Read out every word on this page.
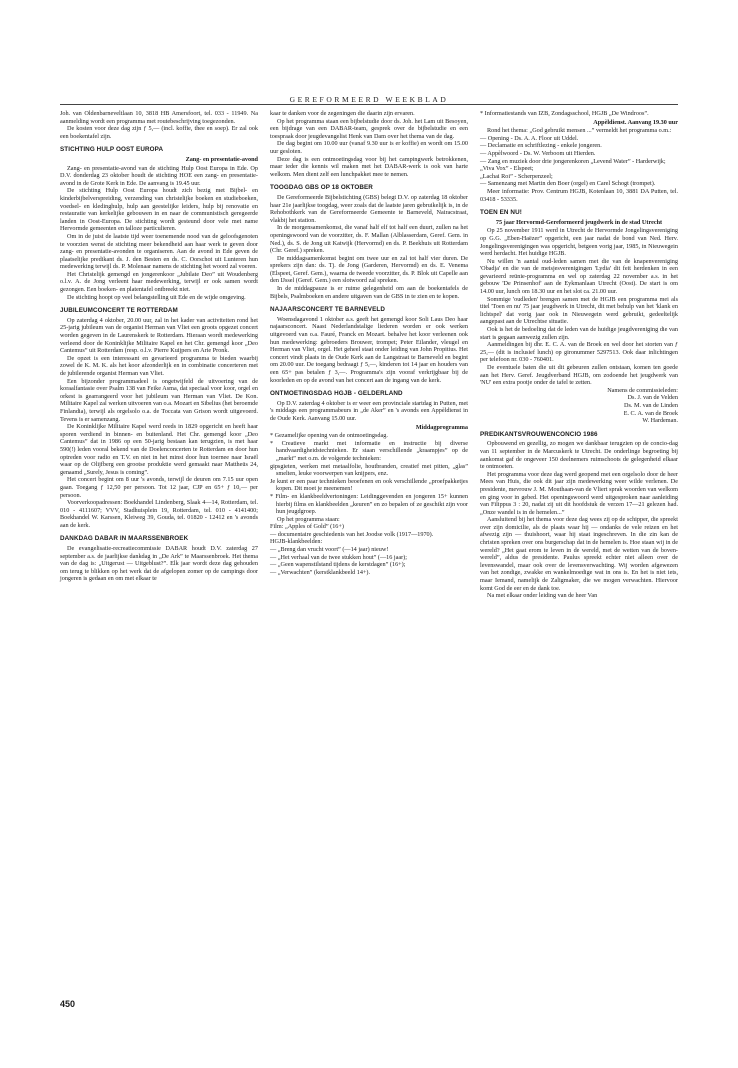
GEREFORMEERD WEEKBLAD

Joh. van Oldenbarneveltlaan 10, 3818 HB Amersfoort, tel. 033 - 11949. Na aanmelding wordt een programma met routebeschrijving toegezonden.

De kosten voor deze dag zijn ƒ 5,— (incl. koffie, thee en soep). Er zal ook een boekentafel zijn.

STICHTING HULP OOST EUROPA
Zang- en presentatie-avond

Zang- en presentatie-avond van de stichting Hulp Oost Europa in Ede. Op D.V. donderdag 23 oktober houdt de stichting HOE een zang- en presentatie-avond in de Grote Kerk in Ede. De aanvang is 19.45 uur.

De stichting Hulp Oost Europa houdt zich bezig met Bijbel- en kinderbijbelverspreiding, verzending van christelijke boeken en studieboeken, voedsel- en kledinghulp, hulp aan geestelijke leiders, hulp bij renovatie en restauratie van kerkelijke gebouwen in en naar de communistisch geregeerde landen in Oost-Europa. De stichting wordt gesteund door vele met name Hervormde gemeenten en talloze particulieren.

Om in de juist de laatste tijd weer toenemende nood van de geloofsgenoten te voorzien wenst de stichting meer bekendheid aan haar werk te geven door zang- en presentatie-avonden te organiseren. Aan de avond in Ede geven de plaatselijke predikant ds. J. den Besten en ds. C. Oorschot uit Lunteren hun medewerking terwijl ds. P. Molenaar namens de stichting het woord zal voeren.

Het Christelijk gemengd en jongerenkoor „Jubilate Deo” uit Woudenberg o.l.v. A. de Jong verleent haar medewerking, terwijl er ook samen wordt gezongen. Een boeken- en platentafel ontbreekt niet.

De stichting hoopt op veel belangstelling uit Ede en de wijde omgeving.

JUBILEUMCONCERT TE ROTTERDAM

Op zaterdag 4 oktober, 20.00 uur, zal in het kader van activiteiten rond het 25-jarig jubileum van de organist Herman van Vliet een groots opgezet concert worden gegeven in de Laurenskerk te Rotterdam. Hieraan wordt medewerking verleend door de Koninklijke Militaire Kapel en het Chr. gemengd koor „Deo Cantemus” uit Rotterdam (resp. o.l.v. Pierre Kuijpers en Arie Pronk.

De opzet is een interessant en gevarieerd programma te bieden waarbij zowel de K. M. K. als het koor afzonderlijk en in combinatie concerteren met de jubilerende organist Herman van Vliet.

Een bijzonder programmadeel is ongetwijfeld de uitvoering van de koraalfantasie over Psalm 138 van Feike Asma, dat speciaal voor koor, orgel en orkest is gearrangeerd voor het jubileum van Herman van Vliet. De Kon. Militaire Kapel zal werken uitvoeren van o.a. Mozart en Sibelius (het beroemde Finlandia), terwijl als orgelsolo o.a. de Toccata van Grison wordt uitgevoerd. Tevens is er samenzang.

De Koninklijke Militaire Kapel werd reeds in 1829 opgericht en heeft haar sporen verdiend in binnen- en buitenland. Het Chr. gemengd koor „Deo Cantemus” dat in 1986 op een 50-jarig bestaan kan terugzien, is met haar 590(!) leden vooral bekend van de Doelenconcerten te Rotterdam en door hun optreden voor radio en T.V. en niet in het minst door hun toernee naar Israël waar op de Olijfberg een grootse produktie werd gemaakt naar Mattheüs 24, genaamd „Surely, Jesus is coming”.

Het concert begint om 8 uur 's avonds, terwijl de deuren om 7.15 uur open gaan. Toegang ƒ 12,50 per persoon. Tot 12 jaar, CJP en 65+ ƒ 10,— per persoon.

Voorverkoopadressen: Boekhandel Lindenberg, Slaak 4—14, Rotterdam, tel. 010 - 4111607; VVV, Stadhuisplein 19, Rotterdam, tel. 010 - 4141400; Boekhandel W. Karssen, Kleiweg 39, Gouda, tel. 01820 - 12412 en 's avonds aan de kerk.

DANKDAG DABAR IN MAARSSENBROEK

De evangelisatie-recreatiecommissie DABAR houdt D.V. zaterdag 27 september a.s. de jaarlijkse dankdag in „De Ark” te Maarssenbroek. Het thema van de dag is: „Uitgerust — Uitgeblust?”. Elk jaar wordt deze dag gehouden om terug te blikken op het werk dat de afgelopen zomer op de campings door jongeren is gedaan en om met elkaar te

kaar te danken voor de zegeningen die daarin zijn ervaren.

Op het programma staan een bijbelstudie door ds. Joh. het Lam uit Besoyen, een bijdrage van een DABAR-team, gesprek over de bijbelstudie en een toespraak door jeugdevangelist Henk van Dam over het thema van de dag.

De dag begint om 10.00 uur (vanaf 9.30 uur is er koffie) en wordt om 15.00 uur gesloten.

Deze dag is een ontmoetingsdag voor bij het campingwerk betrokkenen, maar ieder die kennis wil maken met het DABAR-werk is ook van harte welkom. Men dient zelf een lunchpakket mee te nemen.

TOOGDAG GBS OP 18 OKTOBER

De Gereformeerde Bijbelstichting (GBS) belegt D.V. op zaterdag 18 oktober haar 21e jaarlijkse toogdag, weer zoals dat de laatste jaren gebruikelijk is, in de Rehobothkerk van de Gereformeerde Gemeente te Barneveld, Nairacstraat, vlakbij het station.

In de morgensamenkomst, die vanaf half elf tot half een duurt, zullen na het openingswoord van de voorzitter, ds. F. Mallan (Alblasserdam, Geref. Gem. in Ned.), ds. S. de Jong uit Katwijk (Hervormd) en ds. P. Beekhuis uit Rotterdam (Chr. Geref.) spreken.

De middagsamenkomst begint om twee uur en zal tot half vier duren. De sprekers zijn dan: ds. Tj. de Jong (Garderen, Hervormd) en ds. E. Venema (Elspeet, Geref. Gem.), waarna de tweede voorzitter, ds. P. Blok uit Capelle aan den IJssel (Geref. Gem.) een slotwoord zal spreken.

In de middagpauze is er ruime gelegenheid om aan de boekentafels de Bijbels, Psalmboeken en andere uitgaven van de GBS in te zien en te kopen.

NAJAARSCONCERT TE BARNEVELD

Woensdagavond 1 oktober a.s. geeft het gemengd koor Soli Laus Deo haar najaarsconcert. Naast Nederlandstalige liederen worden er ook werken uitgevoerd van o.a. Fauré, Franck en Mozart. behalve het koor verleenen ook hun medewerking: gebroeders Brouwer, trompet; Peter Eilander, vleugel en Herman van Vliet, orgel. Het geheel staat onder leiding van John Propitius. Het concert vindt plaats in de Oude Kerk aan de Langstraat te Barneveld en begint om 20.00 uur. De toegang bedraagt ƒ 5,—, kinderen tot 14 jaar en houders van een 65+ pas betalen ƒ 3,—. Programma's zijn vooraf verkrijgbaar bij de koorleden en op de avond van het concert aan de ingang van de kerk.

ONTMOETINGSDAG HGJB - GELDERLAND

Op D.V. zaterdag 4 oktober is er weer een provinciale startdag in Putten, met 's middags een programmabeurs in „de Aker” en 's avonds een Appèldienst in de Oude Kerk. Aanvang 15.00 uur.

Middagprogramma
* Gezamelijke opening van de ontmoetingsdag.
* Creatieve markt met informatie en instructie bij diverse handvaardigheidstechnieken. Er staan verschillende „kraampjes” op de „markt” met o.m. de volgende technieken:
gipsgieten, werken met metaalfolie, houtbranden, creatief met pitten, „glas” smelten, leuke voorwerpen van knijpers, enz.
Je kunt er een paar technieken beoefenen en ook verschillende „proefpakketjes kopen. Dit moet je meenemen!
* Film- en klankbeeldvertoningen: Leidinggevenden en jongeren 15+ kunnen hierbij films en klankbeelden „keuren” en zo bepalen of ze geschikt zijn voor hun jeugdgroep.

Op het programma staan:

Film: „Apples of Gold” (16+)
— documentaire geschiedenis van het Joodse volk (1917—1970).
HGJB-klankbeelden:
— „Breng dan vrucht voort” (—14 jaar) nieuw!
— „Het verhaal van de twee stukken hout” (—16 jaar);
— „Geen wapenstilstand tijdens de kerstdagen” (16+);
— „Verwachten” (kerstklankbeeld 14+).
* Informatiestands van IZB, Zondagsschool, HGJB „De Windroos”.
Appèldienst. Aanvang 19.30 uur

Rond het thema: „God gebruikt mensen ...” vermeldt het programma o.m.:

— Opening - Ds. A. A. Floor uit Uddel.
— Declamatie en schriftlezing - enkele jongeren.
— Appèlwoord - Ds. W. Verboom uit Hierden.
— Zang en muziek door drie jongerenkoren „Levend Water” - Harderwijk;
„Viva Vox” - Elspeet;
„Lachai Roi” - Scherpenzeel;
— Samenzang met Martin den Boer (orgel) en Carel Schogt (trompet).

Meer informatie: Prov. Centrum HGJB, Kotenlaan 10, 3881 DA Putten, tel. 03418 - 53335.

TOEN EN NU!
75 jaar Hervormd-Gereformeerd jeugdwerk in de stad Utrecht

Op 25 november 1911 werd in Utrecht de Hervormde Jongelingsvereniging op G.G. „Eben-Haëzer” opgericht, een jaar nadat de bond van Ned. Herv. Jongelingsverenigingen was opgericht, betgeen vorig jaar, 1985, in Nieuwegein werd herdacht. Het huidige HGJB.

Nu willen 'n aantal oud-leden samen met die van de knapenvereniging 'Obadja' en die van de meisjesverenigingen 'Lydia' dit feit herdenken in een gevarieerd reünie-programma en wel op zaterdag 22 november a.s. in het gebouw 'De Prinsenhof' aan de Eykmanlaan Utrecht (Oost). De start is om 14.00 uur, lunch om 18.30 uur en het slot ca. 21.00 uur.

Sommige 'oudleden' brengen samen met de HGJB een programma mei als titel 'Toen en nu' 75 jaar jeugdwerk in Utrecht, dit met behulp van het 'klank en lichtspel' dat vorig jaar ook in Nieuwegein werd gebruikt, gedeeltelijk aangepast aan de Utrechtse situatie.

Ook is het de bedoeling dat de leden van de huidige jeugdvereniging die van start is gegaan aanwezig zullen zijn.

Aanmeldingen bij dhr. E. C. A. van de Broek en wel door het storten van ƒ 25,— (dit is inclusief lunch) op gironummer 5297513. Ook daar inlichtingen per telefoon nr. 030 - 760401.

De eventuele baten die uit dit gebeuren zullen ontstaan, komen ten goede aan het Herv. Geref. Jeugdverband HGJB, om zodoende het jeugdwerk van 'NU' een extra pootje onder de tafel te zetten.

Namens de commissieleden:
Ds. J. van de Velden
Ds. M. van de Linden
E. C. A. van de Broek
W. Hardeman.
PREDIKANTSVROUWENCONCIO 1986

Opbouwend en gezellig, zo mogen we dankbaar terugzien op de concio-dag van 11 september in de Marcuskerk te Utrecht. De onderlinge begroeting bij aankomst gaf de ongeveer 150 deelnemers ruimschoots de gelegenheid elkaar te ontmoeten.

Het programma voor deze dag werd geopend met een orgelsolo door de heer Mees van Huis, die ook dit jaar zijn medewerking weer wilde verlenen. De presidente, mevrouw J. M. Mouthaan-van de Vliert sprak woorden van welkom en ging voor in gebed. Het openingswoord werd uitgesproken naar aanleiding van Filippus 3 : 20, nadat zij uit dit hoofdstuk de verzen 17—21 gelezen had. „Onze wandel is in de hemelen...”

Aansluitend bij het thema voor deze dag wees zij op de schipper, die spreekt over zijn domicilie, als de plaats waar hij — ondanks de vele reizen en het afwezig zijn — thuishoort, waar hij staat ingeschreven. In die zin kan de christen spreken over ons burgerschap dat in de hemelen is. Hoe staan wij in de wereld? „Het gaat erom te leven in de wereld, met de wetten van de boven-wereld”, aldus de presidente. Paulus spreekt echter niet alleen over de levenswandel, maar ook over de levensverwachting. Wij worden afgewezen van het zondige, zwakke en wankelmoedige wat in ons is. En het is niet iets, maar Iemand, namelijk de Zaligmaker, die we mogen verwachten. Hiervoor komt God de eer en de dank toe.

Na met elkaar onder leiding van de heer Van

450
